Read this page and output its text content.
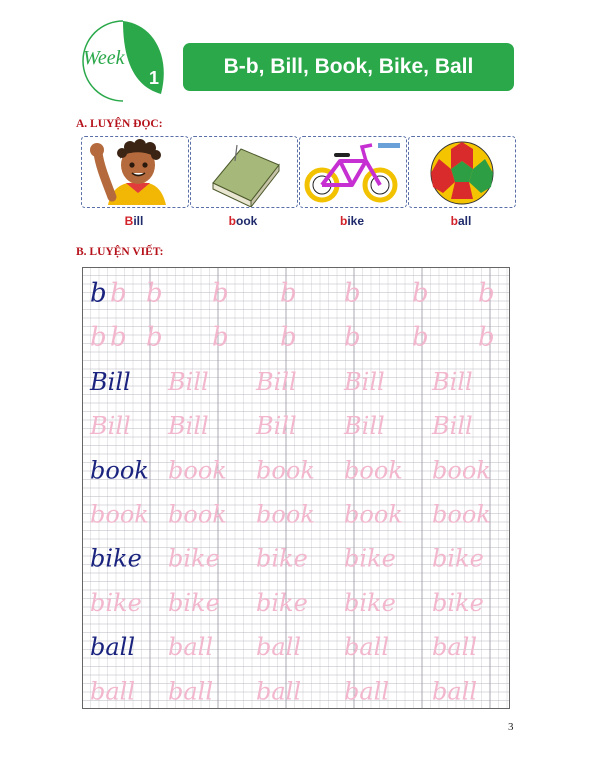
Week
1	B-b, Bill, Book, Bike, Ball
A. LUYỆN ĐỌC:
Bill	book	bike	ball
B. LUYỆN VIẾT:
b b b b b b b b
b b b b b b b b
Bill Bill Bill Bill Bill
Bill Bill Bill Bill Bill
book book book book book
book book book book book
bike bike bike bike bike
bike bike bike bike bike
ball ball ball ball ball
ball ball ball ball ball
3
